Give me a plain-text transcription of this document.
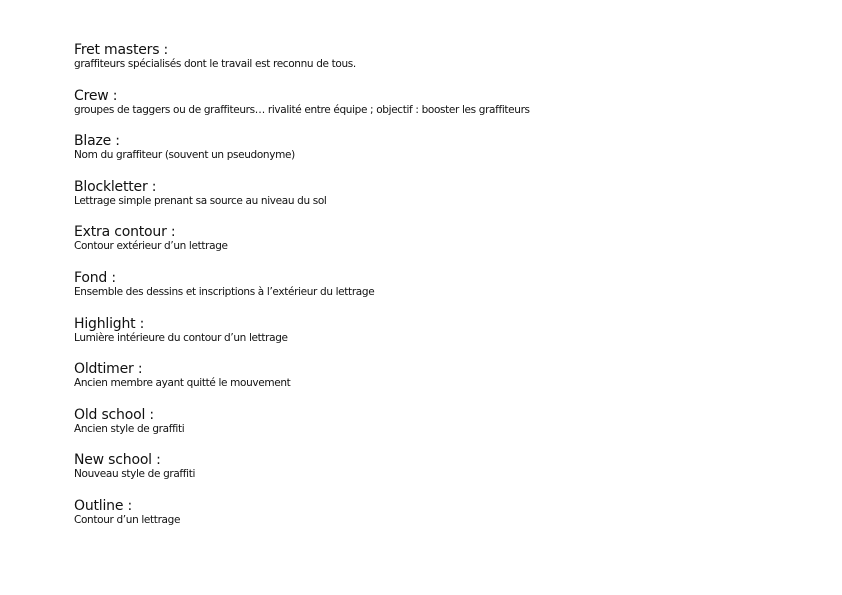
Fret masters :
graffiteurs spécialisés dont le travail est reconnu de tous.
Crew :
groupes de taggers ou de graffiteurs… rivalité entre équipe ; objectif : booster les graffiteurs
Blaze :
Nom du graffiteur (souvent un pseudonyme)
Blockletter :
Lettrage simple prenant sa source au niveau du sol
Extra contour :
Contour extérieur d’un lettrage
Fond :
Ensemble des dessins et inscriptions à l’extérieur du lettrage
Highlight :
Lumière intérieure du contour d’un lettrage
Oldtimer :
Ancien membre ayant quitté le mouvement
Old school :
Ancien style de graffiti
New school :
Nouveau style de graffiti
Outline :
Contour d’un lettrage
